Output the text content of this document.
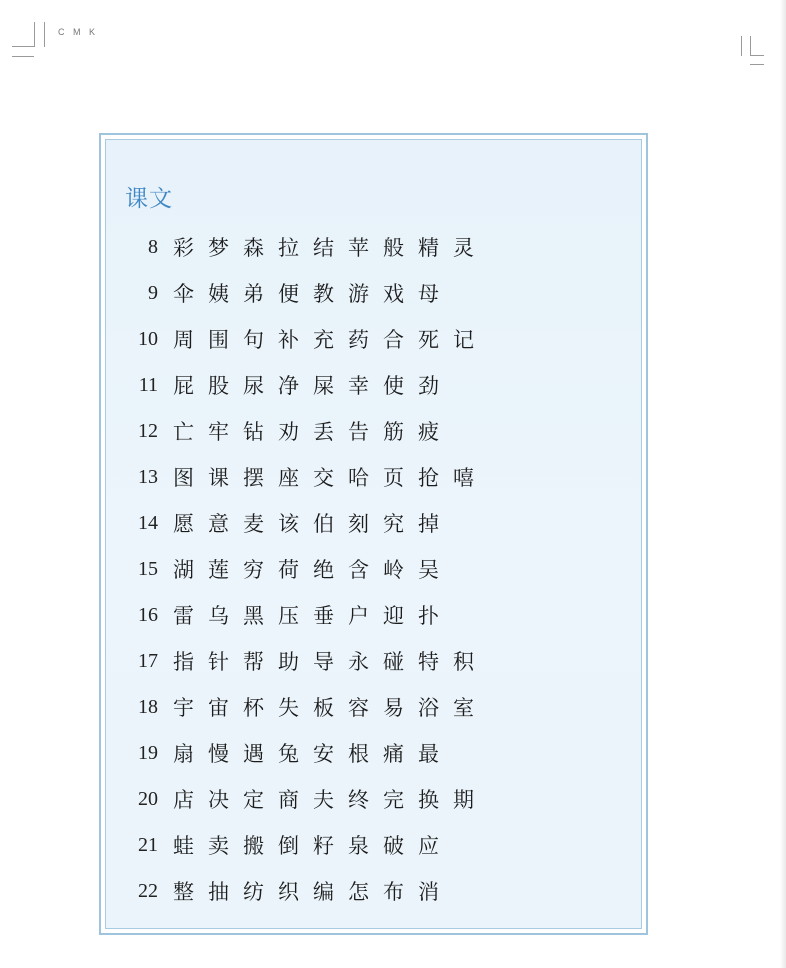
C M K
课文
8 彩 梦 森 拉 结 苹 般 精 灵
9 伞 姨 弟 便 教 游 戏 母
10 周 围 句 补 充 药 合 死 记
11 屁 股 尿 净 屎 幸 使 劲
12 亡 牢 钻 劝 丢 告 筋 疲
13 图 课 摆 座 交 哈 页 抢 嘻
14 愿 意 麦 该 伯 刻 究 掉
15 湖 莲 穷 荷 绝 含 岭 吴
16 雷 乌 黑 压 垂 户 迎 扑
17 指 针 帮 助 导 永 碰 特 积
18 宇 宙 杯 失 板 容 易 浴 室
19 扇 慢 遇 兔 安 根 痛 最
20 店 决 定 商 夫 终 完 换 期
21 蛙 卖 搬 倒 籽 泉 破 应
22 整 抽 纺 织 编 怎 布 消
